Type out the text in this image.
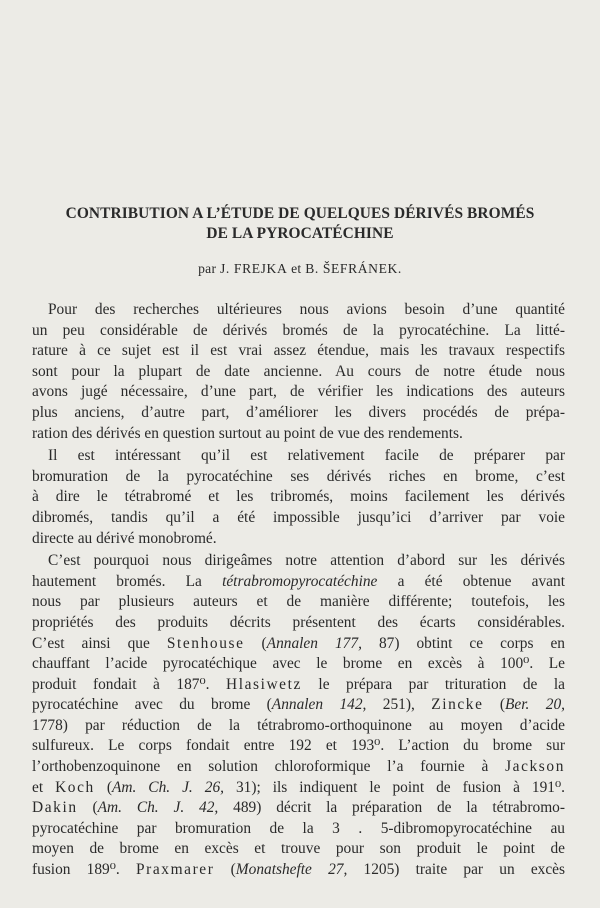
CONTRIBUTION A L’ÉTUDE DE QUELQUES DÉRIVÉS BROMÉS
DE LA PYROCATÉCHINE
par J. FREJKA et B. ŠEFRÁNEK.
Pour des recherches ultérieures nous avions besoin d’une quantité
un peu considérable de dérivés bromés de la pyrocatéchine. La litté-
rature à ce sujet est il est vrai assez étendue, mais les travaux respectifs
sont pour la plupart de date ancienne. Au cours de notre étude nous
avons jugé nécessaire, d’une part, de vérifier les indications des auteurs
plus anciens, d’autre part, d’améliorer les divers procédés de prépa-
ration des dérivés en question surtout au point de vue des rendements.
Il est intéressant qu’il est relativement facile de préparer par
bromuration de la pyrocatéchine ses dérivés riches en brome, c’est
à dire le tétrabromé et les tribromés, moins facilement les dérivés
dibromés, tandis qu’il a été impossible jusqu’ici d’arriver par voie
directe au dérivé monobromé.
C’est pourquoi nous dirigeâmes notre attention d’abord sur les dérivés
hautement bromés. La tétrabromopyrocatéchine a été obtenue avant
nous par plusieurs auteurs et de manière différente; toutefois, les
propriétés des produits décrits présentent des écarts considérables.
C’est ainsi que Stenhouse (Annalen 177, 87) obtint ce corps en
chauffant l’acide pyrocatéchique avec le brome en excès à 100⁰. Le
produit fondait à 187⁰. Hlasiwetz le prépara par trituration de la
pyrocatéchine avec du brome (Annalen 142, 251), Zincke (Ber. 20,
1778) par réduction de la tétrabromo-orthoquinone au moyen d’acide
sulfureux. Le corps fondait entre 192 et 193⁰. L’action du brome sur
l’orthobenzoquinone en solution chloroformique l’a fournie à Jackson
et Koch (Am. Ch. J. 26, 31); ils indiquent le point de fusion à 191⁰.
Dakin (Am. Ch. J. 42, 489) décrit la préparation de la tétrabromo-
pyrocatéchine par bromuration de la 3 . 5-dibromopyrocatéchine au
moyen de brome en excès et trouve pour son produit le point de
fusion 189⁰. Praxmarer (Monatshefte 27, 1205) traite par un excès
